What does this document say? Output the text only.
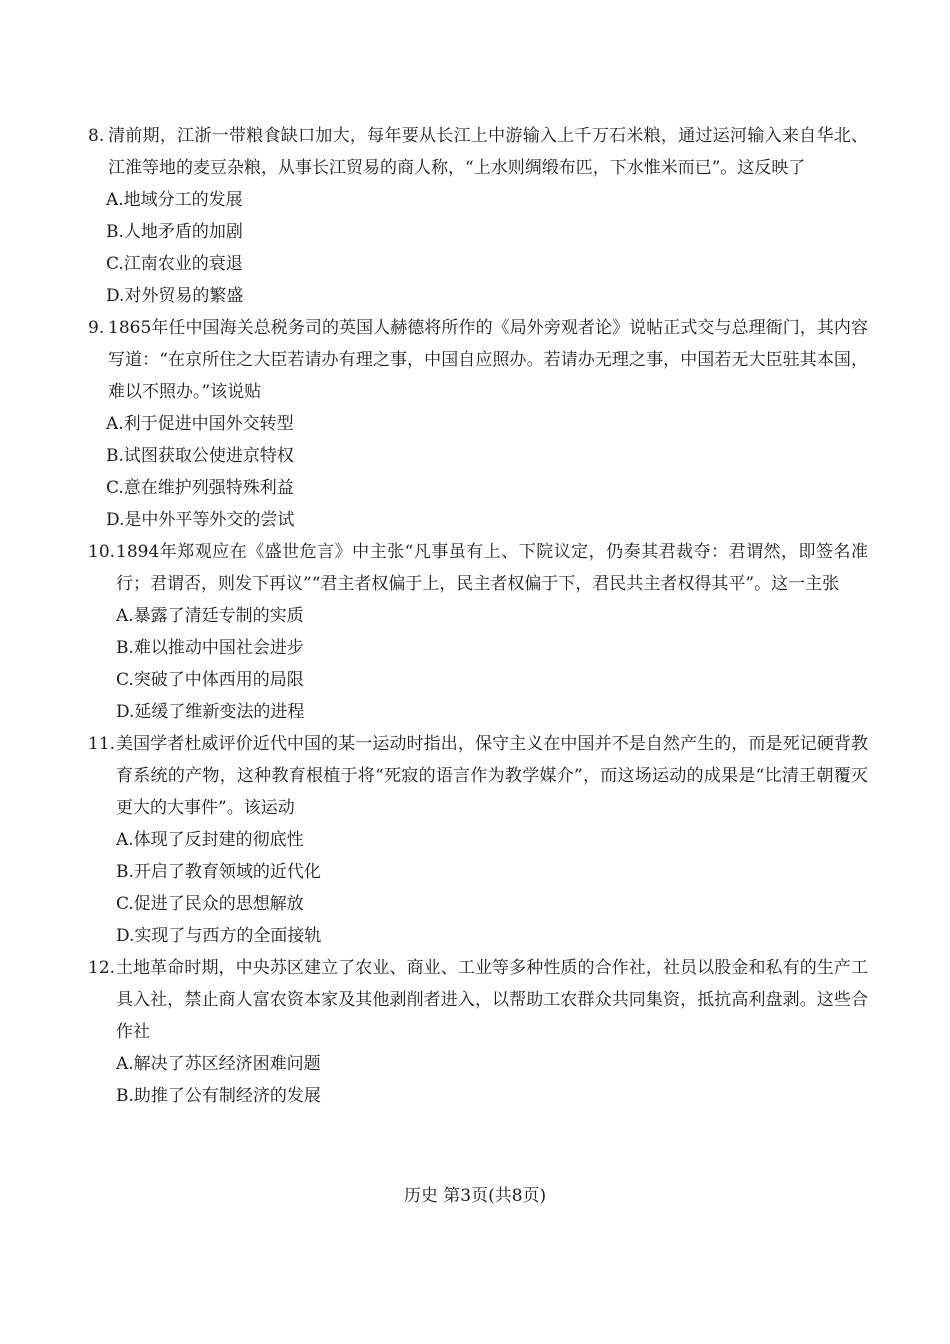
8. 清前期，江浙一带粮食缺口加大，每年要从长江上中游输入上千万石米粮，通过运河输入来自华北、江淮等地的麦豆杂粮，从事长江贸易的商人称，“上水则绸缎布匹，下水惟米而已”。这反映了
A.地域分工的发展
B.人地矛盾的加剧
C.江南农业的衰退
D.对外贸易的繁盛
9. 1865年任中国海关总税务司的英国人赫德将所作的《局外旁观者论》说帖正式交与总理衙门，其内容写道：“在京所住之大臣若请办有理之事，中国自应照办。若请办无理之事，中国若无大臣驻其本国，难以不照办。”该说贴
A.利于促进中国外交转型
B.试图获取公使进京特权
C.意在维护列强特殊利益
D.是中外平等外交的尝试
10. 1894年郑观应在《盛世危言》中主张“凡事虽有上、下院议定，仍奏其君裁夺：君谓然，即签名准行；君谓否，则发下再议”“君主者权偏于上，民主者权偏于下，君民共主者权得其平”。这一主张
A.暴露了清廷专制的实质
B.难以推动中国社会进步
C.突破了中体西用的局限
D.延缓了维新变法的进程
11. 美国学者杜威评价近代中国的某一运动时指出，保守主义在中国并不是自然产生的，而是死记硬背教育系统的产物，这种教育根植于将“死寂的语言作为教学媒介”，而这场运动的成果是“比清王朝覆灭更大的大事件”。该运动
A.体现了反封建的彻底性
B.开启了教育领域的近代化
C.促进了民众的思想解放
D.实现了与西方的全面接轨
12. 土地革命时期，中央苏区建立了农业、商业、工业等多种性质的合作社，社员以股金和私有的生产工具入社，禁止商人富农资本家及其他剥削者进入，以帮助工农群众共同集资，抵抗高利盘剥。这些合作社
A.解决了苏区经济困难问题
B.助推了公有制经济的发展
历史 第3页(共8页)
